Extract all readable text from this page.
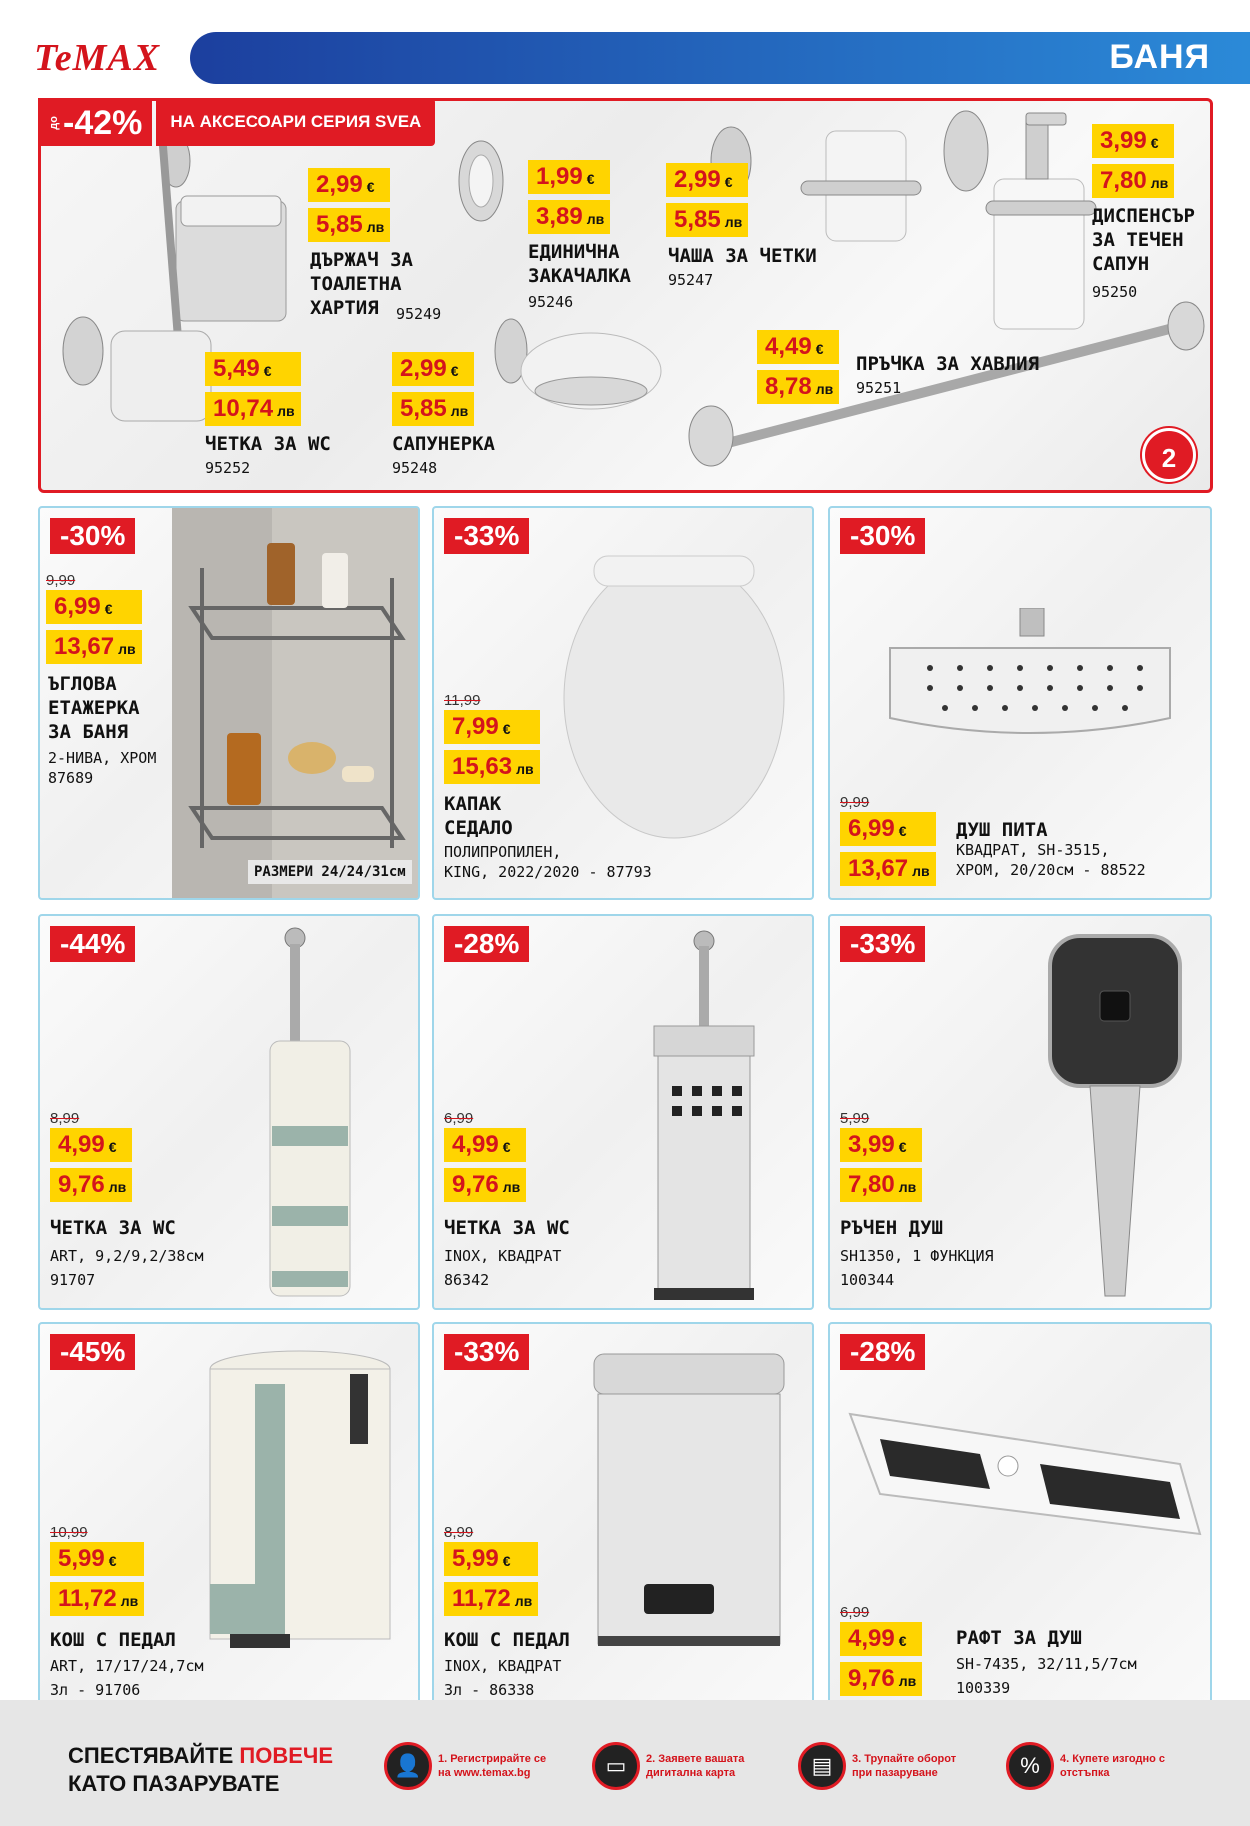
TeMAX	БАНЯ
до -42%	НА АКСЕСОАРИ СЕРИЯ SVEA
2,99 €
5,85 лв
ДЪРЖАЧ ЗА ТОАЛЕТНА ХАРТИЯ	95249
1,99 €
3,89 лв
ЕДИНИЧНА ЗАКАЧАЛКА
95246
2,99 €
5,85 лв
ЧАША ЗА ЧЕТКИ
95247
3,99 €
7,80 лв
ДИСПЕНСЪР ЗА ТЕЧЕН САПУН
95250
5,49 €
10,74 лв
ЧЕТКА ЗА WC
95252
2,99 €
5,85 лв
САПУНЕРКА
95248
4,49 €
8,78 лв
ПРЪЧКА ЗА ХАВЛИЯ
95251
2
-30%
РАЗМЕРИ 24/24/31см
9,99
6,99 €
13,67 лв
ЪГЛОВА ЕТАЖЕРКА ЗА БАНЯ
2-НИВА, ХРОМ
87689
-33%
11,99
7,99 €
15,63 лв
КАПАК СЕДАЛО
ПОЛИПРОПИЛЕН,
KING, 2022/2020 - 87793
-30%
9,99
6,99 €
13,67 лв
ДУШ ПИТА
КВАДРАТ, SH-3515,
ХРОМ, 20/20см - 88522
-44%
8,99
4,99 €
9,76 лв
ЧЕТКА ЗА WC
ART, 9,2/9,2/38см
91707
-28%
6,99
4,99 €
9,76 лв
ЧЕТКА ЗА WC
INOX, КВАДРАТ
86342
-33%
5,99
3,99 €
7,80 лв
РЪЧЕН ДУШ
SH1350, 1 ФУНКЦИЯ
100344
-45%
10,99
5,99 €
11,72 лв
КОШ С ПЕДАЛ
ART, 17/17/24,7см
3л - 91706
-33%
8,99
5,99 €
11,72 лв
КОШ С ПЕДАЛ
INOX, КВАДРАТ
3л - 86338
-28%
6,99
4,99 €
9,76 лв
РАФТ ЗА ДУШ
SH-7435, 32/11,5/7см
100339
СПЕСТЯВАЙТЕ ПОВЕЧЕ
КАТО ПАЗАРУВАТЕ
👤	1. Регистрирайте се на www.temax.bg	▭	2. Заявете вашата дигитална карта	▤	3. Трупайте оборот при пазаруване	%	4. Купете изгодно с отстъпка
